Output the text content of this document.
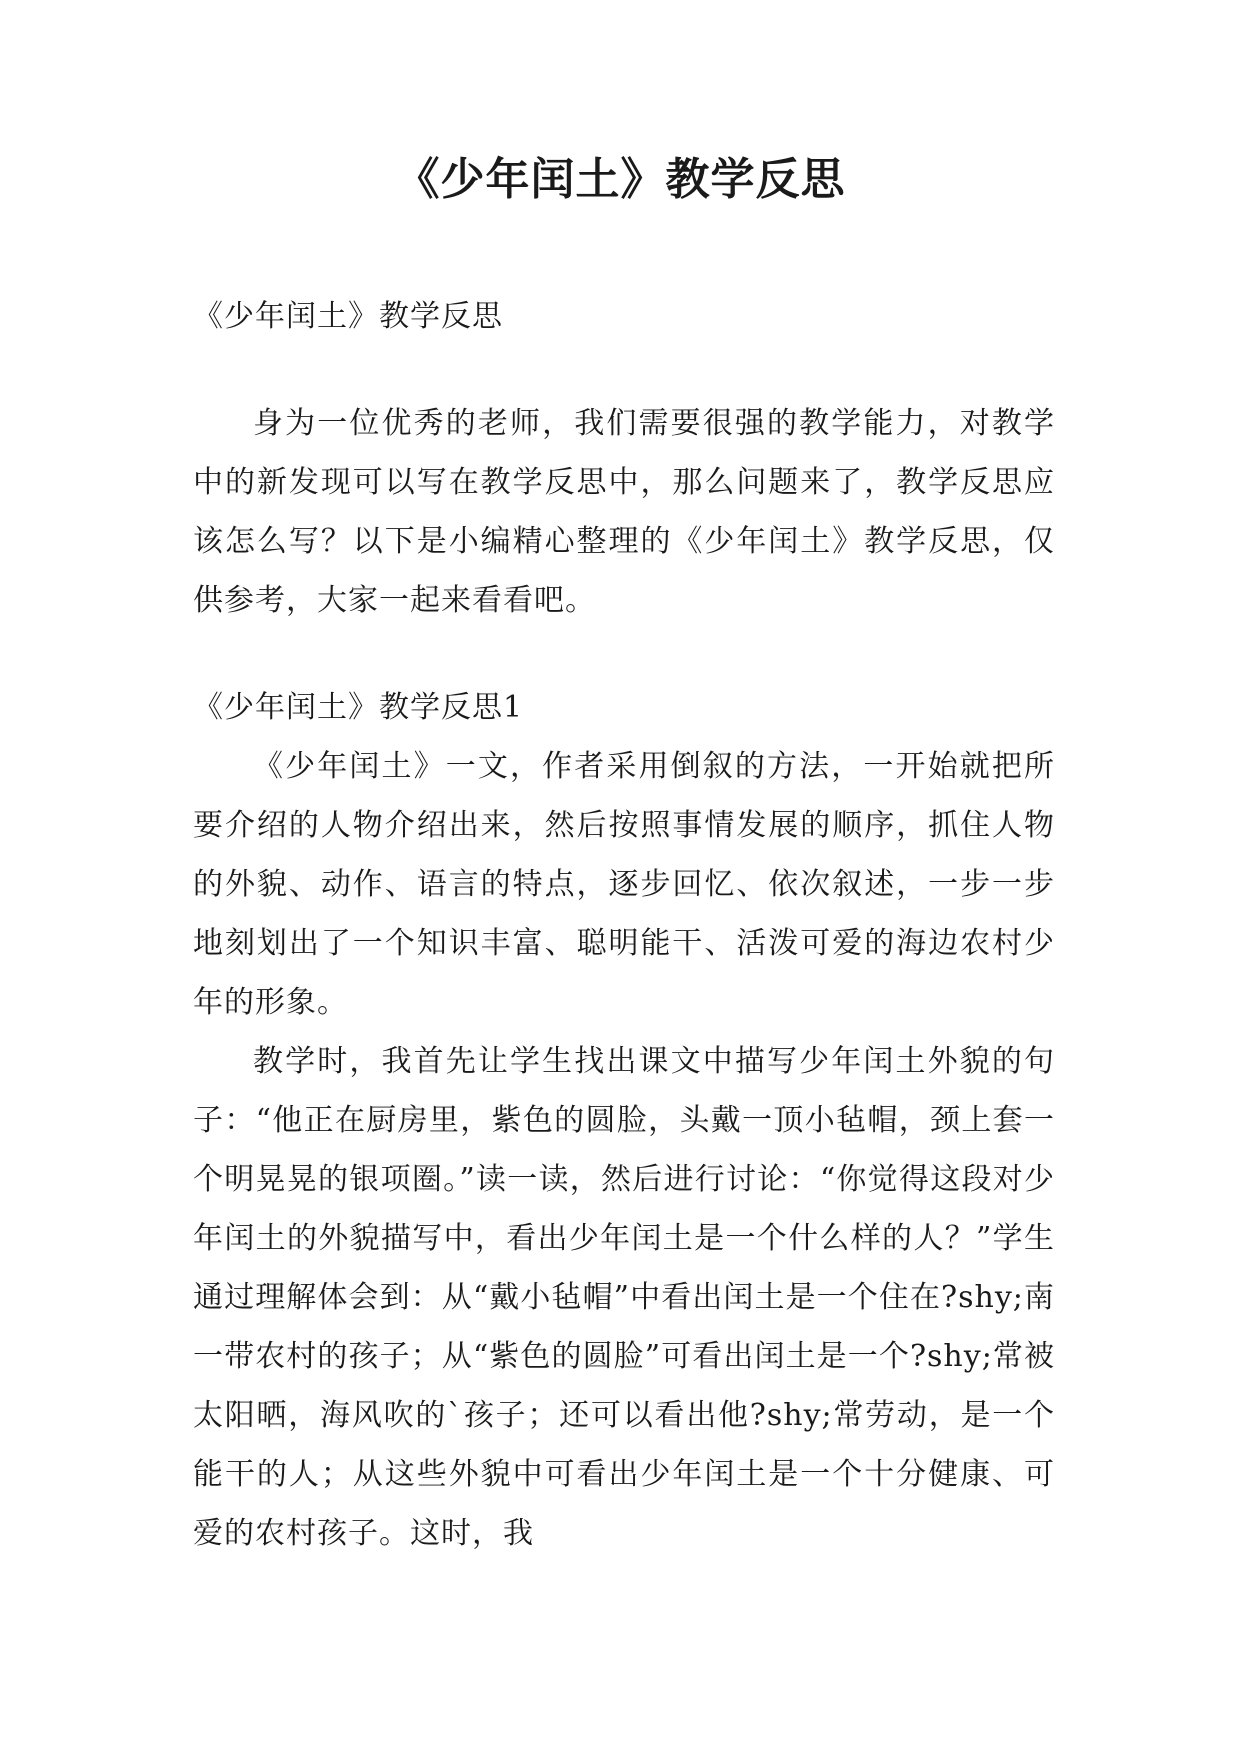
《少年闰土》教学反思

《少年闰土》教学反思

身为一位优秀的老师，我们需要很强的教学能力，对教学中的新发现可以写在教学反思中，那么问题来了，教学反思应该怎么写？以下是小编精心整理的《少年闰土》教学反思，仅供参考，大家一起来看看吧。

《少年闰土》教学反思1

《少年闰土》一文，作者采用倒叙的方法，一开始就把所要介绍的人物介绍出来，然后按照事情发展的顺序，抓住人物的外貌、动作、语言的特点，逐步回忆、依次叙述，一步一步地刻划出了一个知识丰富、聪明能干、活泼可爱的海边农村少年的形象。

教学时，我首先让学生找出课文中描写少年闰土外貌的句子：“他正在厨房里，紫色的圆脸，头戴一顶小毡帽，颈上套一个明晃晃的银项圈。”读一读，然后进行讨论：“你觉得这段对少年闰土的外貌描写中，看出少年闰土是一个什么样的人？”学生通过理解体会到：从“戴小毡帽”中看出闰土是一个住在?shy;南一带农村的孩子；从“紫色的圆脸”可看出闰土是一个?shy;常被太阳晒，海风吹的`孩子；还可以看出他?shy;常劳动，是一个能干的人；从这些外貌中可看出少年闰土是一个十分健康、可爱的农村孩子。这时，我
